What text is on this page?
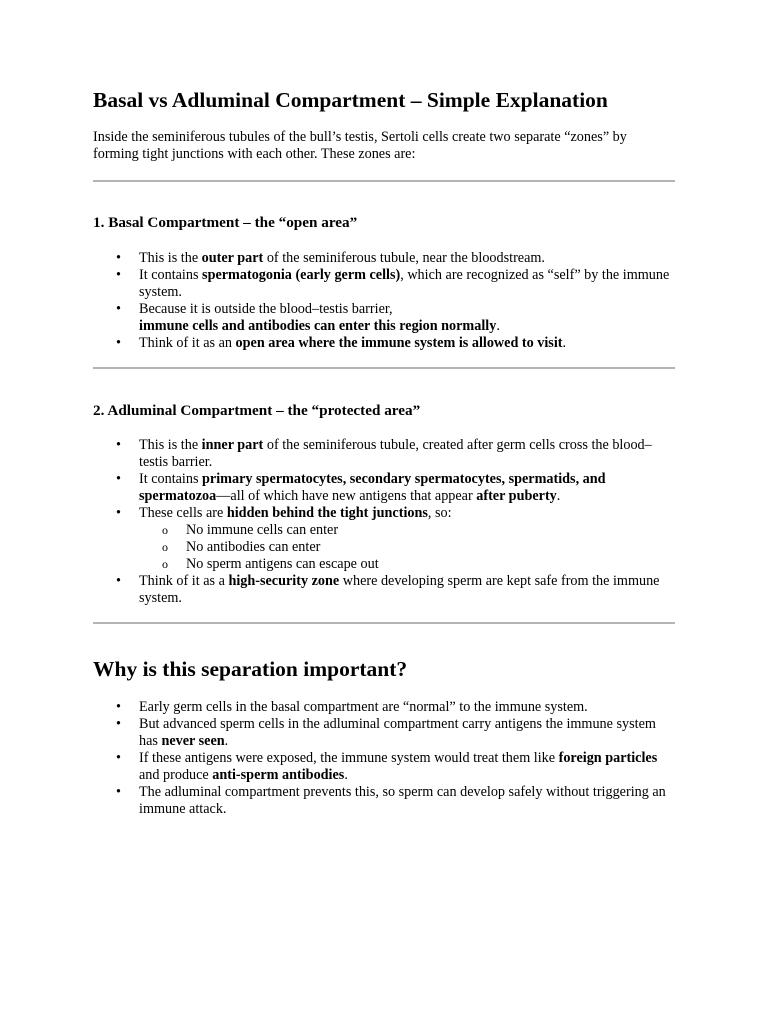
Basal vs Adluminal Compartment – Simple Explanation

Inside the seminiferous tubules of the bull’s testis, Sertoli cells create two separate “zones” by forming tight junctions with each other. These zones are:

1. Basal Compartment – the “open area”
• This is the outer part of the seminiferous tubule, near the bloodstream.
• It contains spermatogonia (early germ cells), which are recognized as “self” by the immune system.
• Because it is outside the blood–testis barrier,
immune cells and antibodies can enter this region normally.
• Think of it as an open area where the immune system is allowed to visit.
2. Adluminal Compartment – the “protected area”
• This is the inner part of the seminiferous tubule, created after germ cells cross the blood–testis barrier.
• It contains primary spermatocytes, secondary spermatocytes, spermatids, and spermatozoa—all of which have new antigens that appear after puberty.
• These cells are hidden behind the tight junctions, so:
o No immune cells can enter
o No antibodies can enter
o No sperm antigens can escape out
• Think of it as a high-security zone where developing sperm are kept safe from the immune system.
Why is this separation important?
• Early germ cells in the basal compartment are “normal” to the immune system.
• But advanced sperm cells in the adluminal compartment carry antigens the immune system has never seen.
• If these antigens were exposed, the immune system would treat them like foreign particles and produce anti-sperm antibodies.
• The adluminal compartment prevents this, so sperm can develop safely without triggering an immune attack.
